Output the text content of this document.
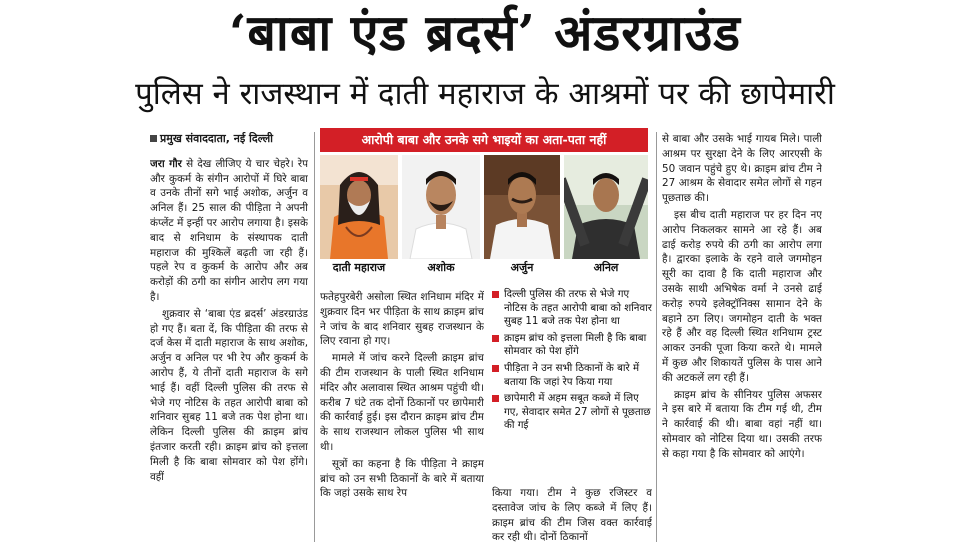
‘बाबा एंड ब्रदर्स’ अंडरग्राउंड
पुलिस ने राजस्थान में दाती महाराज के आश्रमों पर की छापेमारी

प्रमुख संवाददाता, नई दिल्ली

जरा गौर से देख लीजिए ये चार चेहरे। रेप और कुकर्म के संगीन आरोपों में घिरे बाबा व उनके तीनों सगे भाई अशोक, अर्जुन व अनिल हैं। 25 साल की पीड़िता ने अपनी कंप्लेंट में इन्हीं पर आरोप लगाया है। इसके बाद से शनिधाम के संस्थापक दाती महाराज की मुश्किलें बढ़ती जा रही हैं। पहले रेप व कुकर्म के आरोप और अब करोड़ों की ठगी का संगीन आरोप लग गया है।

शुक्रवार से ‘बाबा एंड ब्रदर्स’ अंडरग्राउंड हो गए हैं। बता दें, कि पीड़िता की तरफ से दर्ज केस में दाती महाराज के साथ अशोक, अर्जुन व अनिल पर भी रेप और कुकर्म के आरोप हैं, ये तीनों दाती महाराज के सगे भाई हैं। वहीं दिल्ली पुलिस की तरफ से भेजे गए नोटिस के तहत आरोपी बाबा को शनिवार सुबह 11 बजे तक पेश होना था। लेकिन दिल्ली पुलिस की क्राइम ब्रांच इंतजार करती रही। क्राइम ब्रांच को इत्तला मिली है कि बाबा सोमवार को पेश होंगे। वहीं

आरोपी बाबा और उनके सगे भाइयों का अता-पता नहीं
दाती महाराज	अशोक	अर्जुन	अनिल

फतेहपुरबेरी असोला स्थित शनिधाम मंदिर में शुक्रवार दिन भर पीड़िता के साथ क्राइम ब्रांच ने जांच के बाद शनिवार सुबह राजस्थान के लिए रवाना हो गए।

मामले में जांच करने दिल्ली क्राइम ब्रांच की टीम राजस्थान के पाली स्थित शनिधाम मंदिर और अलावास स्थित आश्रम पहुंची थी। करीब 7 घंटे तक दोनों ठिकानों पर छापेमारी की कार्रवाई हुई। इस दौरान क्राइम ब्रांच टीम के साथ राजस्थान लोकल पुलिस भी साथ थी।

सूत्रों का कहना है कि पीड़िता ने क्राइम ब्रांच को उन सभी ठिकानों के बारे में बताया कि जहां उसके साथ रेप

दिल्ली पुलिस की तरफ से भेजे गए नोटिस के तहत आरोपी बाबा को शनिवार सुबह 11 बजे तक पेश होना था
क्राइम ब्रांच को इत्तला मिली है कि बाबा सोमवार को पेश होंगे
पीड़िता ने उन सभी ठिकानों के बारे में बताया कि जहां रेप किया गया
छापेमारी में अहम सबूत कब्जे में लिए गए, सेवादार समेत 27 लोगों से पूछताछ की गई

किया गया। टीम ने कुछ रजिस्टर व दस्तावेज जांच के लिए कब्जे में लिए हैं। क्राइम ब्रांच की टीम जिस वक्त कार्रवाई कर रही थी। दोनों ठिकानों

से बाबा और उसके भाई गायब मिले। पाली आश्रम पर सुरक्षा देने के लिए आरएसी के 50 जवान पहुंचे हुए थे। क्राइम ब्रांच टीम ने 27 आश्रम के सेवादार समेत लोगों से गहन पूछताछ की।

इस बीच दाती महाराज पर हर दिन नए आरोप निकलकर सामने आ रहे हैं। अब ढाई करोड़ रुपये की ठगी का आरोप लगा है। द्वारका इलाके के रहने वाले जगमोहन सूरी का दावा है कि दाती महाराज और उसके साथी अभिषेक वर्मा ने उनसे ढाई करोड़ रुपये इलेक्ट्रॉनिक्स सामान देने के बहाने ठग लिए। जगमोहन दाती के भक्त रहे हैं और वह दिल्ली स्थित शनिधाम ट्रस्ट आकर उनकी पूजा किया करते थे। मामले में कुछ और शिकायतें पुलिस के पास आने की अटकलें लग रही हैं।

क्राइम ब्रांच के सीनियर पुलिस अफसर ने इस बारे में बताया कि टीम गई थी, टीम ने कार्रवाई की थी। बाबा वहां नहीं था। सोमवार को नोटिस दिया था। उसकी तरफ से कहा गया है कि सोमवार को आएंगे।
